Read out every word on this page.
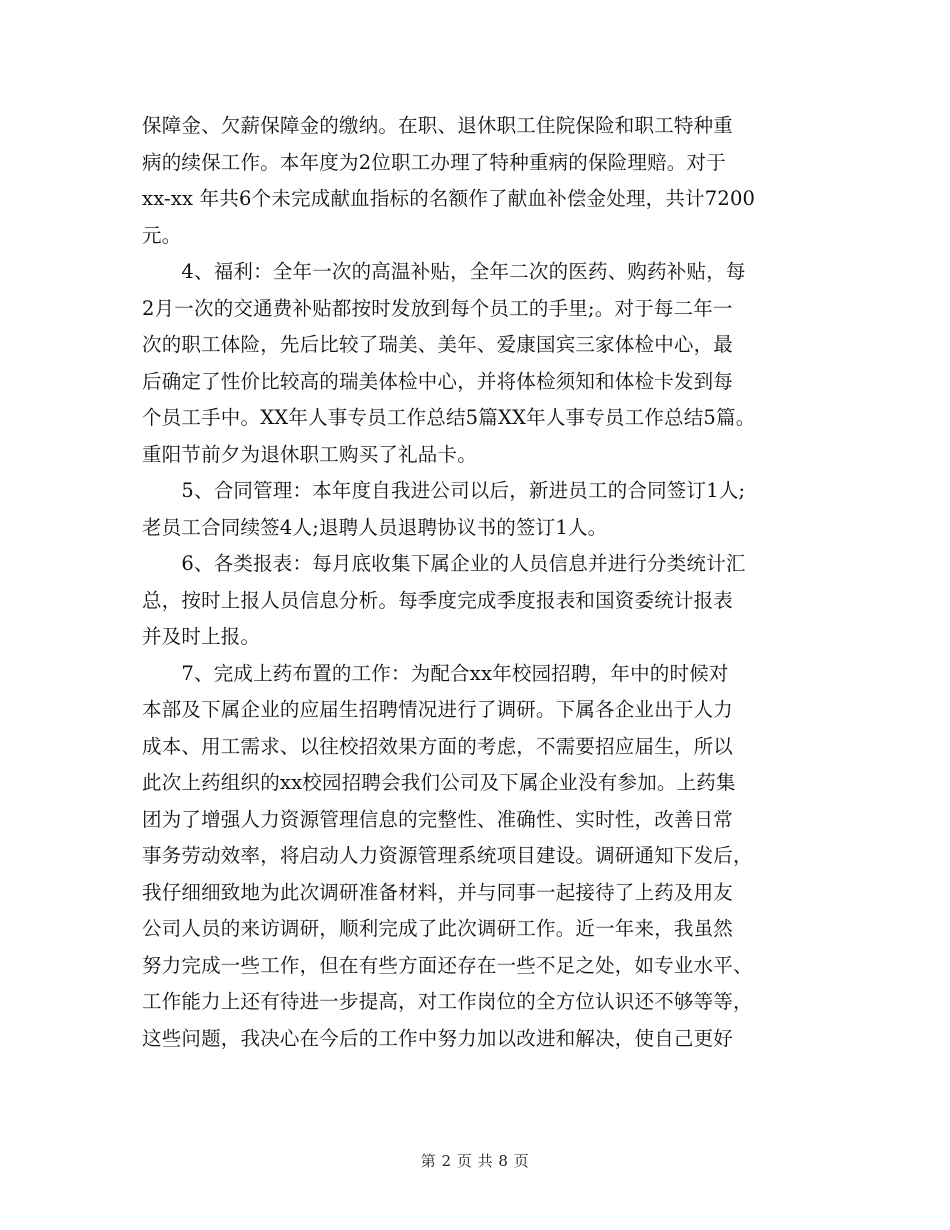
保障金、欠薪保障金的缴纳。在职、退休职工住院保险和职工特种重
病的续保工作。本年度为2位职工办理了特种重病的保险理赔。对于
xx-xx 年共6个未完成献血指标的名额作了献血补偿金处理，共计7200
元。
　　4、福利：全年一次的高温补贴，全年二次的医药、购药补贴，每
2月一次的交通费补贴都按时发放到每个员工的手里;。对于每二年一
次的职工体险，先后比较了瑞美、美年、爱康国宾三家体检中心，最
后确定了性价比较高的瑞美体检中心，并将体检须知和体检卡发到每
个员工手中。XX年人事专员工作总结5篇XX年人事专员工作总结5篇。
重阳节前夕为退休职工购买了礼品卡。
　　5、合同管理：本年度自我进公司以后，新进员工的合同签订1人;
老员工合同续签4人;退聘人员退聘协议书的签订1人。
　　6、各类报表：每月底收集下属企业的人员信息并进行分类统计汇
总，按时上报人员信息分析。每季度完成季度报表和国资委统计报表
并及时上报。
　　7、完成上药布置的工作：为配合xx年校园招聘，年中的时候对
本部及下属企业的应届生招聘情况进行了调研。下属各企业出于人力
成本、用工需求、以往校招效果方面的考虑，不需要招应届生，所以
此次上药组织的xx校园招聘会我们公司及下属企业没有参加。上药集
团为了增强人力资源管理信息的完整性、准确性、实时性，改善日常
事务劳动效率，将启动人力资源管理系统项目建设。调研通知下发后，
我仔细细致地为此次调研准备材料，并与同事一起接待了上药及用友
公司人员的来访调研，顺利完成了此次调研工作。近一年来，我虽然
努力完成一些工作，但在有些方面还存在一些不足之处，如专业水平、
工作能力上还有待进一步提高，对工作岗位的全方位认识还不够等等，
这些问题，我决心在今后的工作中努力加以改进和解决，使自己更好
第 2 页 共 8 页
